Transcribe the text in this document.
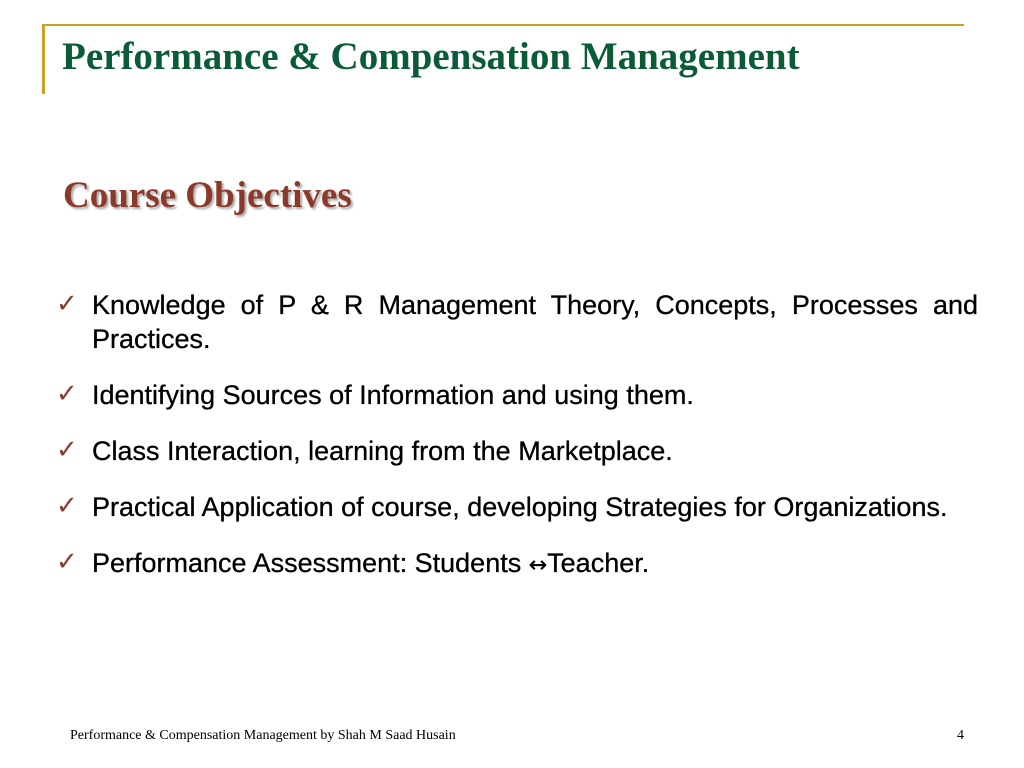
Performance & Compensation Management
Course Objectives
✓ Knowledge of P & R Management Theory, Concepts, Processes and Practices.
✓ Identifying Sources of Information and using them.
✓ Class Interaction, learning from the Marketplace.
✓ Practical Application of course, developing Strategies for Organizations.
✓ Performance Assessment: Students ↔Teacher.
Performance & Compensation Management by Shah M Saad Husain	4
